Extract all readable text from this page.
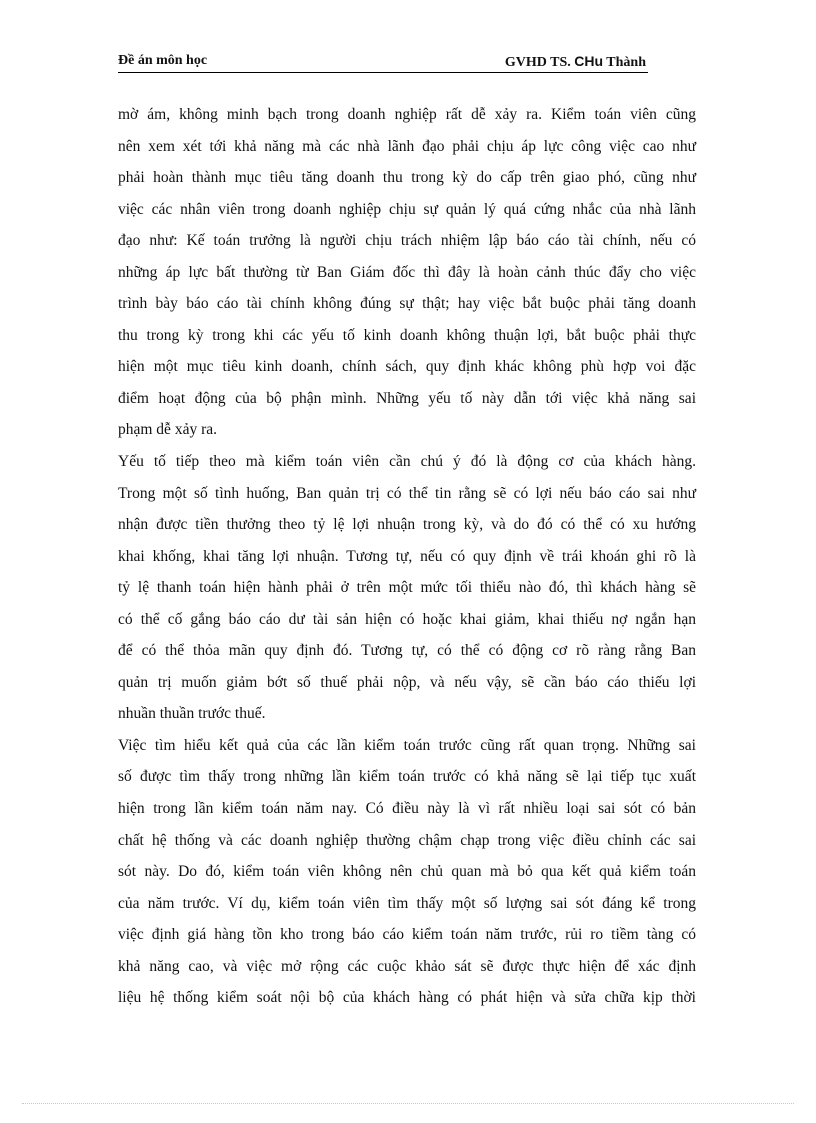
Đề án môn học	GVHD TS. CHu Thành
mờ ám, không minh bạch trong doanh nghiệp rất dễ xảy ra. Kiểm toán viên cũng
nên xem xét tới khả năng mà các nhà lãnh đạo phải chịu áp lực công việc cao như
phải hoàn thành mục tiêu tăng doanh thu trong kỳ do cấp trên giao phó, cũng như
việc các nhân viên trong doanh nghiệp chịu sự quản lý quá cứng nhắc của nhà lãnh
đạo như: Kế toán trưởng là người chịu trách nhiệm lập báo cáo tài chính, nếu có
những áp lực bất thường từ Ban Giám đốc thì đây là hoàn cảnh thúc đẩy cho việc
trình bày báo cáo tài chính không đúng sự thật; hay việc bắt buộc phải tăng doanh
thu trong kỳ trong khi các yếu tố kinh doanh không thuận lợi, bắt buộc phải thực
hiện một mục tiêu kinh doanh, chính sách, quy định khác không phù hợp voi đặc
điểm hoạt động của bộ phận mình. Những yếu tố này dẫn tới việc khả năng sai
phạm dễ xảy ra.
Yếu tố tiếp theo mà kiểm toán viên cần chú ý đó là động cơ của khách hàng.
Trong một số tình huống, Ban quản trị có thể tin rằng sẽ có lợi nếu báo cáo sai như
nhận được tiền thưởng theo tỷ lệ lợi nhuận trong kỳ, và do đó có thể có xu hướng
khai khống, khai tăng lợi nhuận. Tương tự, nếu có quy định về trái khoán ghi rõ là
tỷ lệ thanh toán hiện hành phải ở trên một mức tối thiểu nào đó, thì khách hàng sẽ
có thể cố gắng báo cáo dư tài sản hiện có hoặc khai giảm, khai thiếu nợ ngắn hạn
để có thể thỏa mãn quy định đó. Tương tự, có thể có động cơ rõ ràng rằng Ban
quản trị muốn giảm bớt số thuế phải nộp, và nếu vậy, sẽ cần báo cáo thiếu lợi
nhuần thuần trước thuế.
Việc tìm hiểu kết quả của các lần kiểm toán trước cũng rất quan trọng. Những sai
số được tìm thấy trong những lần kiểm toán trước có khả năng sẽ lại tiếp tục xuất
hiện trong lần kiểm toán năm nay. Có điều này là vì rất nhiều loại sai sót có bản
chất hệ thống và các doanh nghiệp thường chậm chạp trong việc điều chỉnh các sai
sót này. Do đó, kiểm toán viên không nên chủ quan mà bỏ qua kết quả kiểm toán
của năm trước. Ví dụ, kiểm toán viên tìm thấy một số lượng sai sót đáng kể trong
việc định giá hàng tồn kho trong báo cáo kiểm toán năm trước, rủi ro tiềm tàng có
khả năng cao, và việc mở rộng các cuộc khảo sát sẽ được thực hiện để xác định
liệu hệ thống kiểm soát nội bộ của khách hàng có phát hiện và sửa chữa kịp thời
